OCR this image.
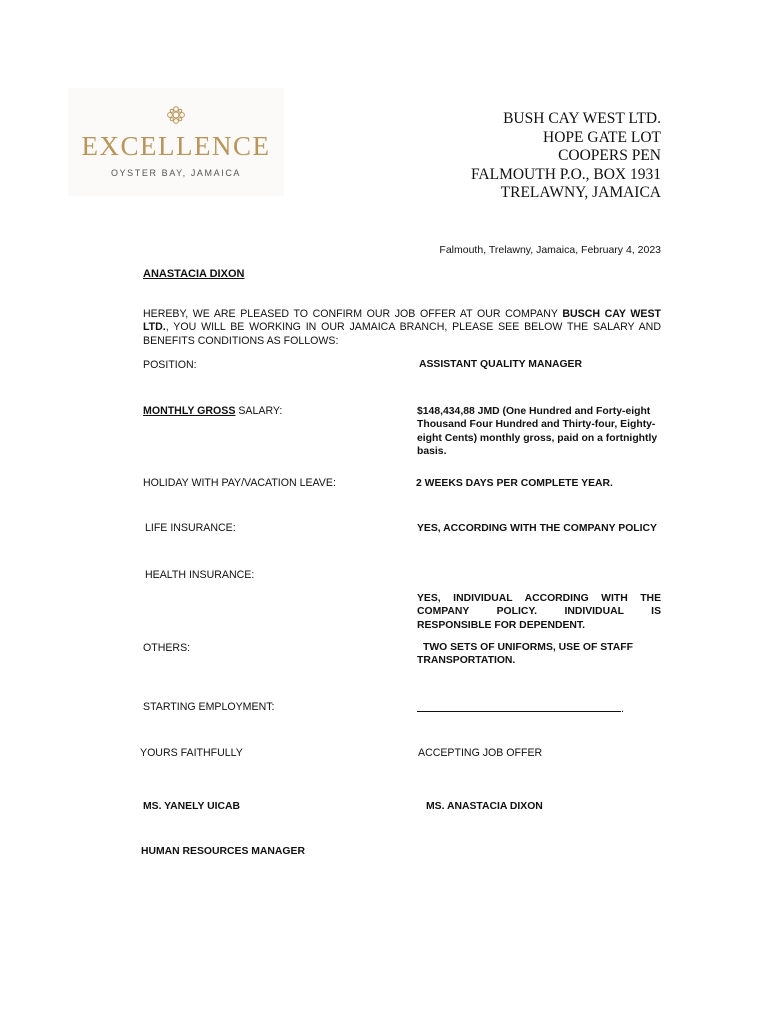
EXCELLENCE
OYSTER BAY, JAMAICA
BUSH CAY WEST LTD.
HOPE GATE LOT
COOPERS PEN
FALMOUTH P.O., BOX 1931
TRELAWNY, JAMAICA
Falmouth, Trelawny, Jamaica, February 4, 2023
ANASTACIA DIXON
HEREBY, WE ARE PLEASED TO CONFIRM OUR JOB OFFER AT OUR COMPANY BUSCH CAY WEST LTD., YOU WILL BE WORKING IN OUR JAMAICA BRANCH, PLEASE SEE BELOW THE SALARY AND BENEFITS CONDITIONS AS FOLLOWS:
POSITION:	ASSISTANT QUALITY MANAGER
MONTHLY GROSS SALARY:	$148,434,88 JMD (One Hundred and Forty-eight Thousand Four Hundred and Thirty-four, Eighty-eight Cents) monthly gross, paid on a fortnightly basis.
HOLIDAY WITH PAY/VACATION LEAVE:	2 WEEKS DAYS PER COMPLETE YEAR.
LIFE INSURANCE:	YES, ACCORDING WITH THE COMPANY POLICY
HEALTH INSURANCE:
YES, INDIVIDUAL ACCORDING WITH THE COMPANY POLICY. INDIVIDUAL IS RESPONSIBLE FOR DEPENDENT.
OTHERS:	TWO SETS OF UNIFORMS, USE OF STAFF TRANSPORTATION.
STARTING EMPLOYMENT:	.
YOURS FAITHFULLY	ACCEPTING JOB OFFER
MS. YANELY UICAB	MS. ANASTACIA DIXON
HUMAN RESOURCES MANAGER
